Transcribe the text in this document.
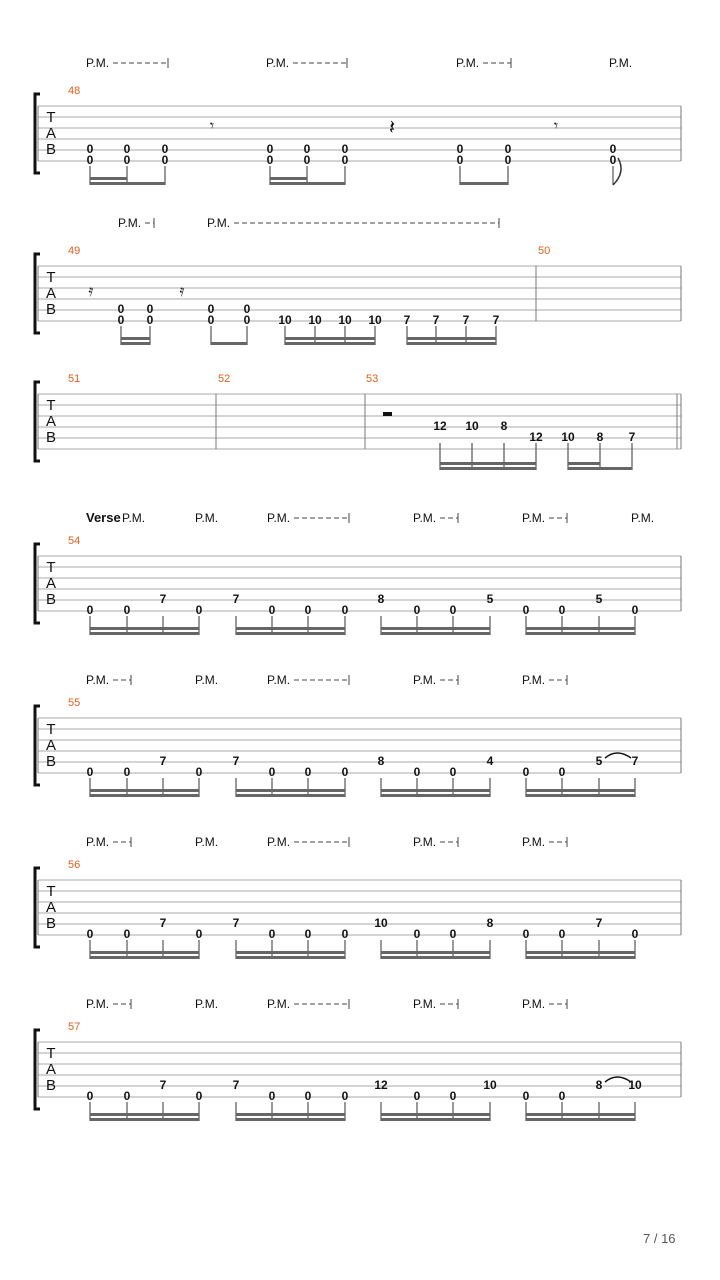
T
A
B
48
P.M.	P.M.	P.M.	P.M.
0
0
0
0
0
0
0
0
0
0
0
0
0
0
0
0
0
0
𝄾	𝄽	𝄾
T
A
B
49	50
P.M.	P.M.
0
0
0
0
0
0
0
0 10 10 10 10 7 7 7 7
𝄿	𝄿
T
A
B
51	52	53
12 10 8
12 10 8 7
T
A
B
54
Verse P.M.	P.M.	P.M.	P.M.	P.M.	P.M.
0	0
7
0
7
0 0	0
8
0 0
5
0 0
5
0
T
A
B
55
P.M.	P.M.	P.M.	P.M.	P.M.
0	0
7
0
7
0 0	0
8
0 0
4
0 0
5 7
T
A
B
56
P.M.	P.M.	P.M.	P.M.	P.M.
0	0
7
0
7
0 0	0
10
0 0
8
0 0
7
0
T
A
B
57
P.M.	P.M.	P.M.	P.M.	P.M.
0	0
7
0
7
0 0	0
12
0 0
10
0 0
8 10
7 / 16
